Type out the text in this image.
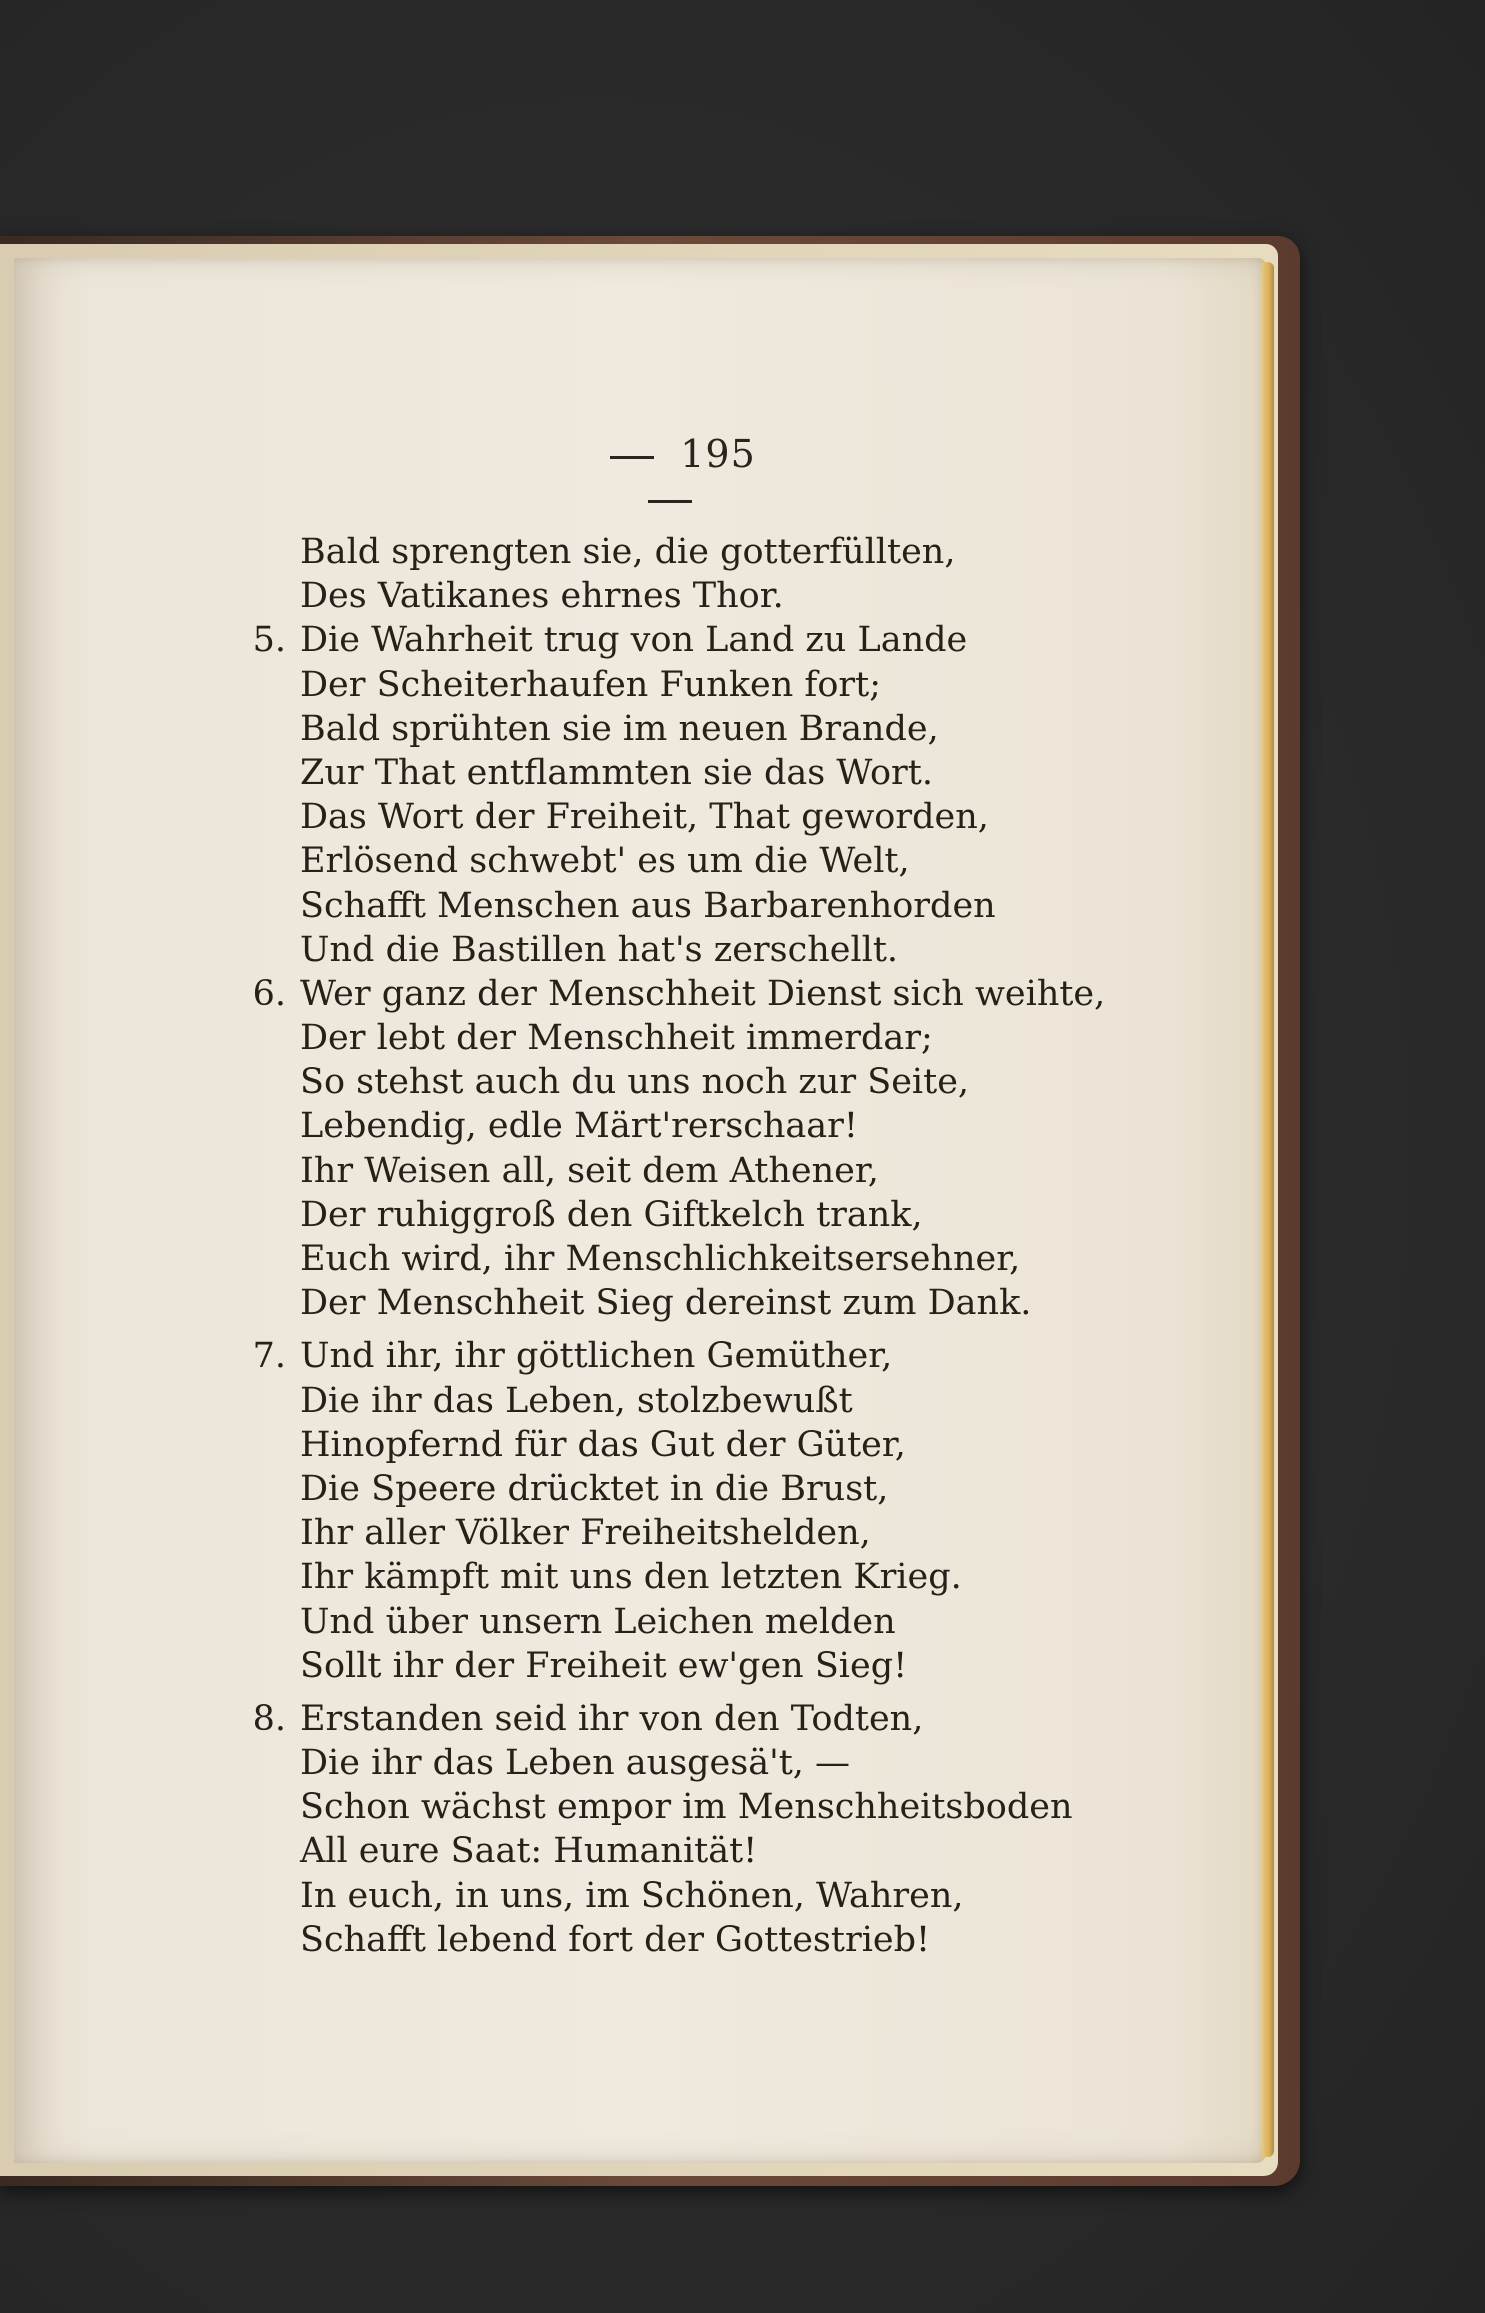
195
Bald sprengten sie, die gotterfüllten,
Des Vatikanes ehrnes Thor.
5. Die Wahrheit trug von Land zu Lande
Der Scheiterhaufen Funken fort;
Bald sprühten sie im neuen Brande,
Zur That entflammten sie das Wort.
Das Wort der Freiheit, That geworden,
Erlösend schwebt' es um die Welt,
Schafft Menschen aus Barbarenhorden
Und die Bastillen hat's zerschellt.
6. Wer ganz der Menschheit Dienst sich weihte,
Der lebt der Menschheit immerdar;
So stehst auch du uns noch zur Seite,
Lebendig, edle Märt'rerschaar!
Ihr Weisen all, seit dem Athener,
Der ruhiggroß den Giftkelch trank,
Euch wird, ihr Menschlichkeitsersehner,
Der Menschheit Sieg dereinst zum Dank.
7. Und ihr, ihr göttlichen Gemüther,
Die ihr das Leben, stolzbewußt
Hinopfernd für das Gut der Güter,
Die Speere drücktet in die Brust,
Ihr aller Völker Freiheitshelden,
Ihr kämpft mit uns den letzten Krieg.
Und über unsern Leichen melden
Sollt ihr der Freiheit ew'gen Sieg!
8. Erstanden seid ihr von den Todten,
Die ihr das Leben ausgesä't, —
Schon wächst empor im Menschheitsboden
All eure Saat: Humanität!
In euch, in uns, im Schönen, Wahren,
Schafft lebend fort der Gottestrieb!
